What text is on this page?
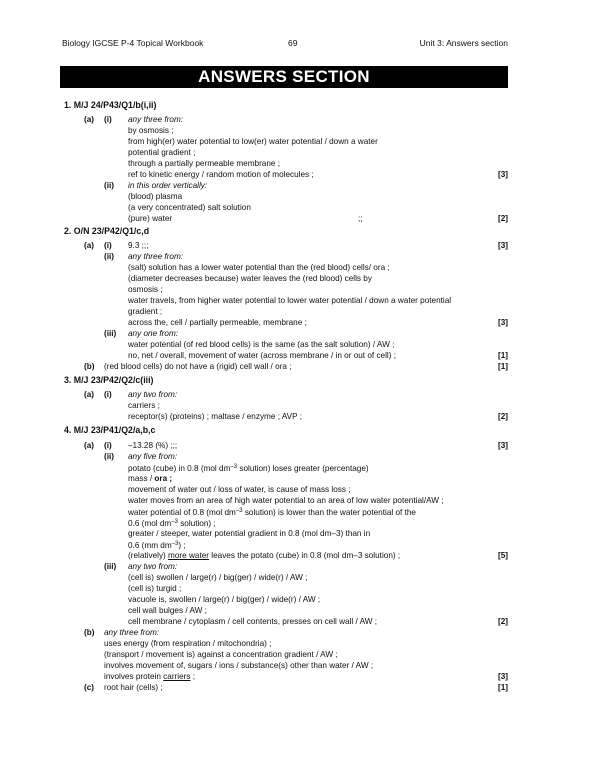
Biology IGCSE P-4 Topical Workbook	69	Unit 3: Answers section
ANSWERS SECTION
1. M/J 24/P43/Q1/b(i,ii)
(a) (i) any three from:
by osmosis ;
from high(er) water potential to low(er) water potential / down a water
potential gradient ;
through a partially permeable membrane ;
ref to kinetic energy / random motion of molecules ;	[3]
(ii) in this order vertically:
(blood) plasma
(a very concentrated) salt solution
(pure) water	;;	[2]
2. O/N 23/P42/Q1/c,d
(a) (i) 9.3 ;;;	[3]
(ii) any three from:
(salt) solution has a lower water potential than the (red blood) cells/ ora ;
(diameter decreases because) water leaves the (red blood) cells by
osmosis ;
water travels, from higher water potential to lower water potential / down a water potential
gradient ;
across the, cell / partially permeable, membrane ;	[3]
(iii) any one from:
water potential (of red blood cells) is the same (as the salt solution) / AW ;
no, net / overall, movement of water (across membrane / in or out of cell) ;	[1]
(b) (red blood cells) do not have a (rigid) cell wall / ora ;	[1]
3. M/J 23/P42/Q2/c(iii)
(a) (i) any two from:
carriers ;
receptor(s) (proteins) ; maltase / enzyme ; AVP ;	[2]
4. M/J 23/P41/Q2/a,b,c
(a) (i) –13.28 (%) ;;;	[3]
(ii) any five from:
potato (cube) in 0.8 (mol $dm^{-3}$ solution) loses greater (percentage)
mass / ora ;
movement of water out / loss of water, is cause of mass loss ;
water moves from an area of high water potential to an area of low water potential/AW ;
water potential of 0.8 (mol $dm^{-3}$ solution) is lower than the water potential of the
0.6 (mol $dm^{-3}$ solution) ;
greater / steeper, water potential gradient in 0.8 (mol dm–3) than in
0.6 (mm $dm^{-3}$) ;
(relatively) more water leaves the potato (cube) in 0.8 (mol dm–3 solution) ;	[5]
(iii) any two from:
(cell is) swollen / large(r) / big(ger) / wide(r) / AW ;
(cell is) turgid ;
vacuole is, swollen / large(r) / big(ger) / wide(r) / AW ;
cell wall bulges / AW ;
cell membrane / cytoplasm / cell contents, presses on cell wall / AW ;	[2]
(b) any three from:
uses energy (from respiration / mitochondria) ;
(transport / movement is) against a concentration gradient / AW ;
involves movement of, sugars / ions / substance(s) other than water / AW ;
involves protein carriers ;	[3]
(c) root hair (cells) ;	[1]
